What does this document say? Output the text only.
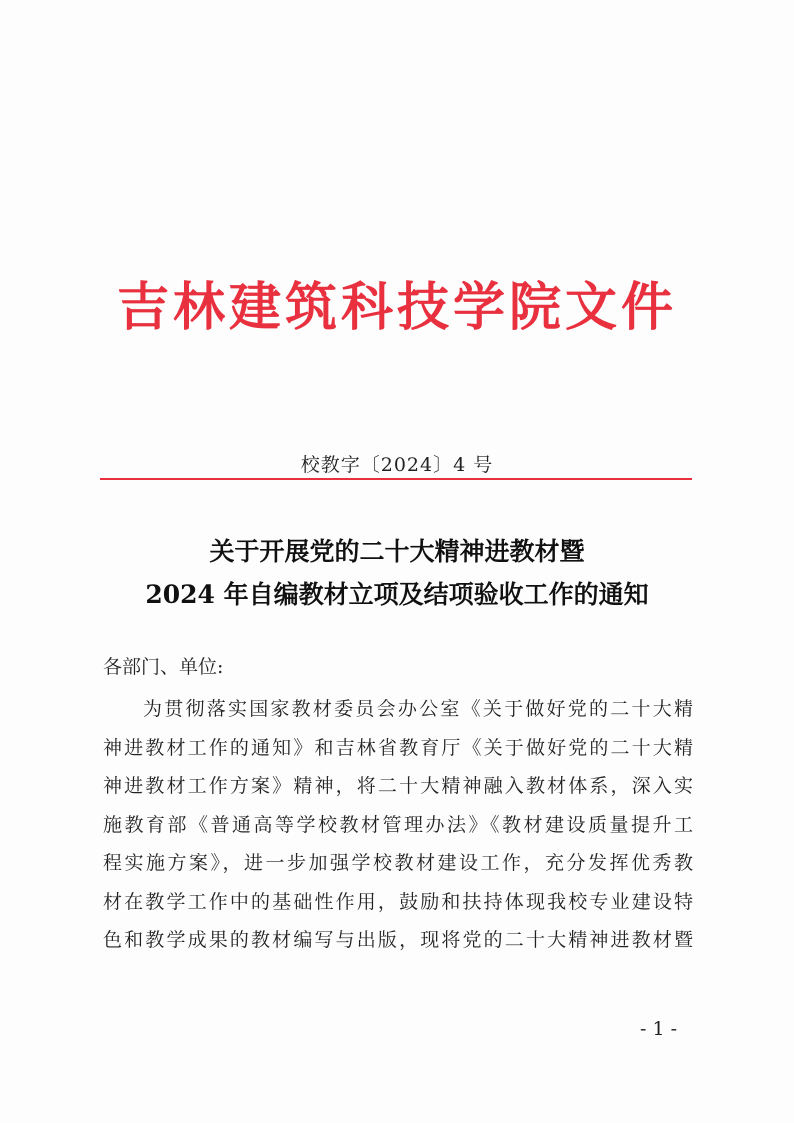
吉林建筑科技学院文件
校教字〔2024〕4 号
关于开展党的二十大精神进教材暨
2024 年自编教材立项及结项验收工作的通知
各部门、单位:
为贯彻落实国家教材委员会办公室《关于做好党的二十大精
神进教材工作的通知》和吉林省教育厅《关于做好党的二十大精
神进教材工作方案》精神，将二十大精神融入教材体系，深入实
施教育部《普通高等学校教材管理办法》《教材建设质量提升工
程实施方案》，进一步加强学校教材建设工作，充分发挥优秀教
材在教学工作中的基础性作用，鼓励和扶持体现我校专业建设特
色和教学成果的教材编写与出版，现将党的二十大精神进教材暨
- 1 -
